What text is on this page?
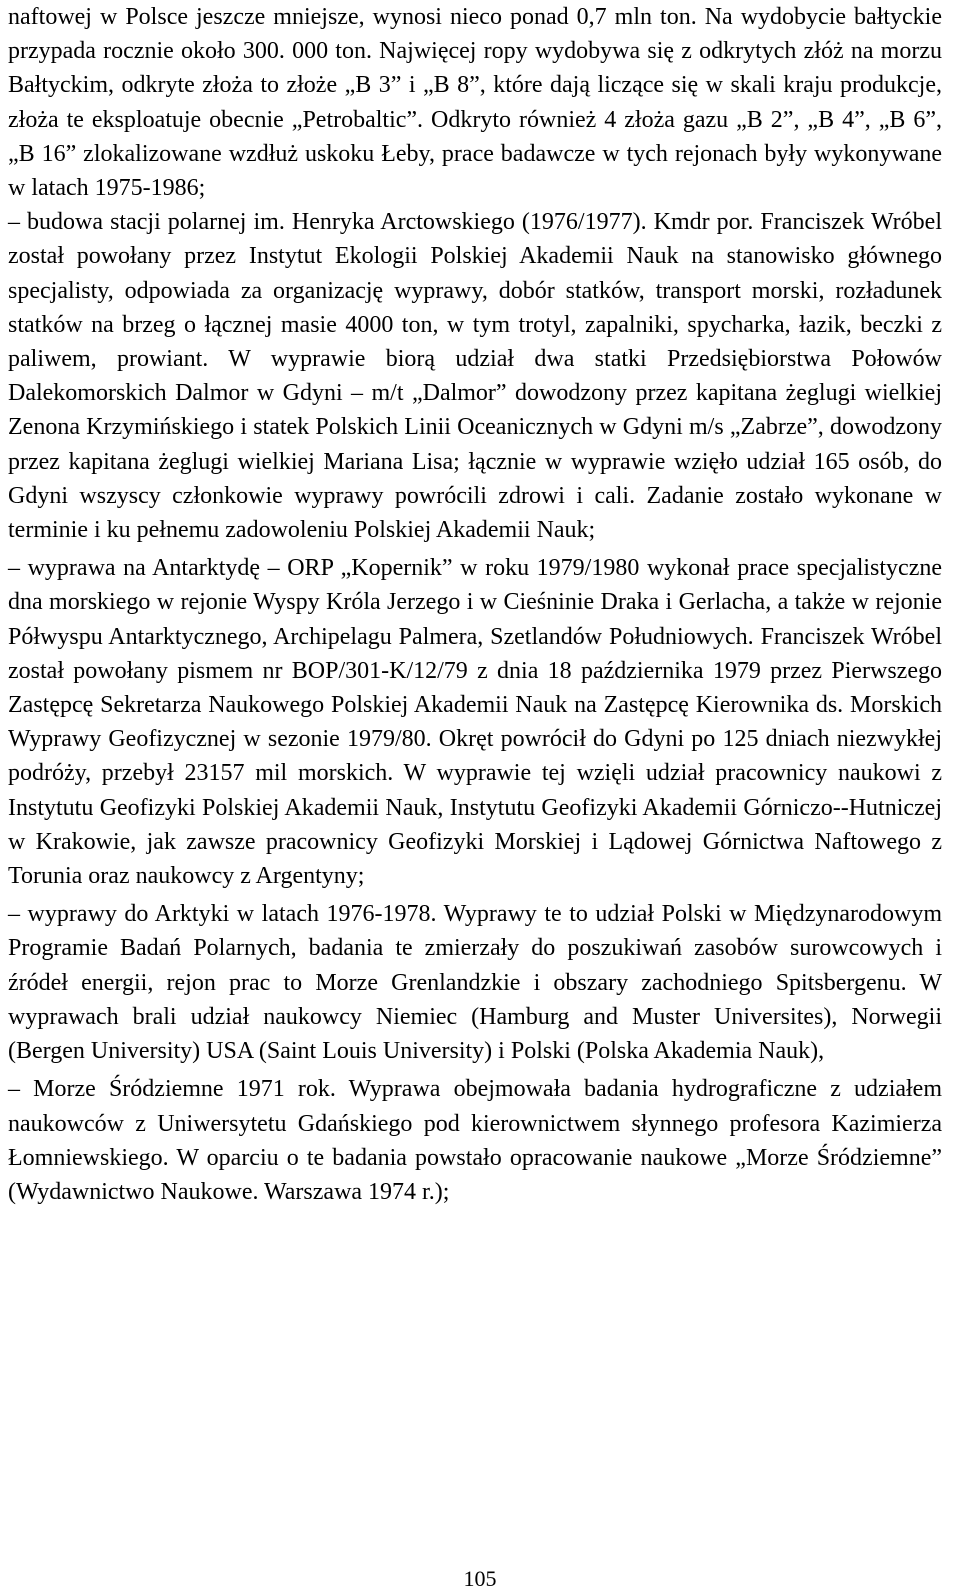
naftowej w Polsce jeszcze mniejsze, wynosi nieco ponad 0,7 mln ton. Na wydobycie bałtyckie przypada rocznie około 300. 000 ton. Najwięcej ropy wydobywa się z odkrytych złóż na morzu Bałtyckim, odkryte złoża to złoże „B 3” i „B 8”, które dają liczące się w skali kraju produkcje, złoża te eksploatuje obecnie „Petrobaltic”. Odkryto również 4 złoża gazu „B 2”, „B 4”, „B 6”, „B 16” zlokalizowane wzdłuż uskoku Łeby, prace badawcze w tych rejonach były wykonywane w latach 1975-1986;

– budowa stacji polarnej im. Henryka Arctowskiego (1976/1977). Kmdr por. Franciszek Wróbel został powołany przez Instytut Ekologii Polskiej Akademii Nauk na stanowisko głównego specjalisty, odpowiada za organizację wyprawy, dobór statków, transport morski, rozładunek statków na brzeg o łącznej masie 4000 ton, w tym trotyl, zapalniki, spycharka, łazik, beczki z paliwem, prowiant. W wyprawie biorą udział dwa statki Przedsiębiorstwa Połowów Dalekomorskich Dalmor w Gdyni – m/t „Dalmor” dowodzony przez kapitana żeglugi wielkiej Zenona Krzymińskiego i statek Polskich Linii Oceanicznych w Gdyni m/s „Zabrze”, dowodzony przez kapitana żeglugi wielkiej Mariana Lisa; łącznie w wyprawie wzięło udział 165 osób, do Gdyni wszyscy członkowie wyprawy powrócili zdrowi i cali. Zadanie zostało wykonane w terminie i ku pełnemu zadowoleniu Polskiej Akademii Nauk;

– wyprawa na Antarktydę – ORP „Kopernik” w roku 1979/1980 wykonał prace specjalistyczne dna morskiego w rejonie Wyspy Króla Jerzego i w Cieśninie Draka i Gerlacha, a także w rejonie Półwyspu Antarktycznego, Archipelagu Palmera, Szetlandów Południowych. Franciszek Wróbel został powołany pismem nr BOP/301-K/12/79 z dnia 18 października 1979 przez Pierwszego Zastępcę Sekretarza Naukowego Polskiej Akademii Nauk na Zastępcę Kierownika ds. Morskich Wyprawy Geofizycznej w sezonie 1979/80. Okręt powrócił do Gdyni po 125 dniach niezwykłej podróży, przebył 23157 mil morskich. W wyprawie tej wzięli udział pracownicy naukowi z Instytutu Geofizyki Polskiej Akademii Nauk, Instytutu Geofizyki Akademii Górniczo--Hutniczej w Krakowie, jak zawsze pracownicy Geofizyki Morskiej i Lądowej Górnictwa Naftowego z Torunia oraz naukowcy z Argentyny;

– wyprawy do Arktyki w latach 1976-1978. Wyprawy te to udział Polski w Międzynarodowym Programie Badań Polarnych, badania te zmierzały do poszukiwań zasobów surowcowych i źródeł energii, rejon prac to Morze Grenlandzkie i obszary zachodniego Spitsbergenu. W wyprawach brali udział naukowcy Niemiec (Hamburg and Muster Universites), Norwegii (Bergen University) USA (Saint Louis University) i Polski (Polska Akademia Nauk),

– Morze Śródziemne 1971 rok. Wyprawa obejmowała badania hydrograficzne z udziałem naukowców z Uniwersytetu Gdańskiego pod kierownictwem słynnego profesora Kazimierza Łomniewskiego. W oparciu o te badania powstało opracowanie naukowe „Morze Śródziemne” (Wydawnictwo Naukowe. Warszawa 1974 r.);

105
